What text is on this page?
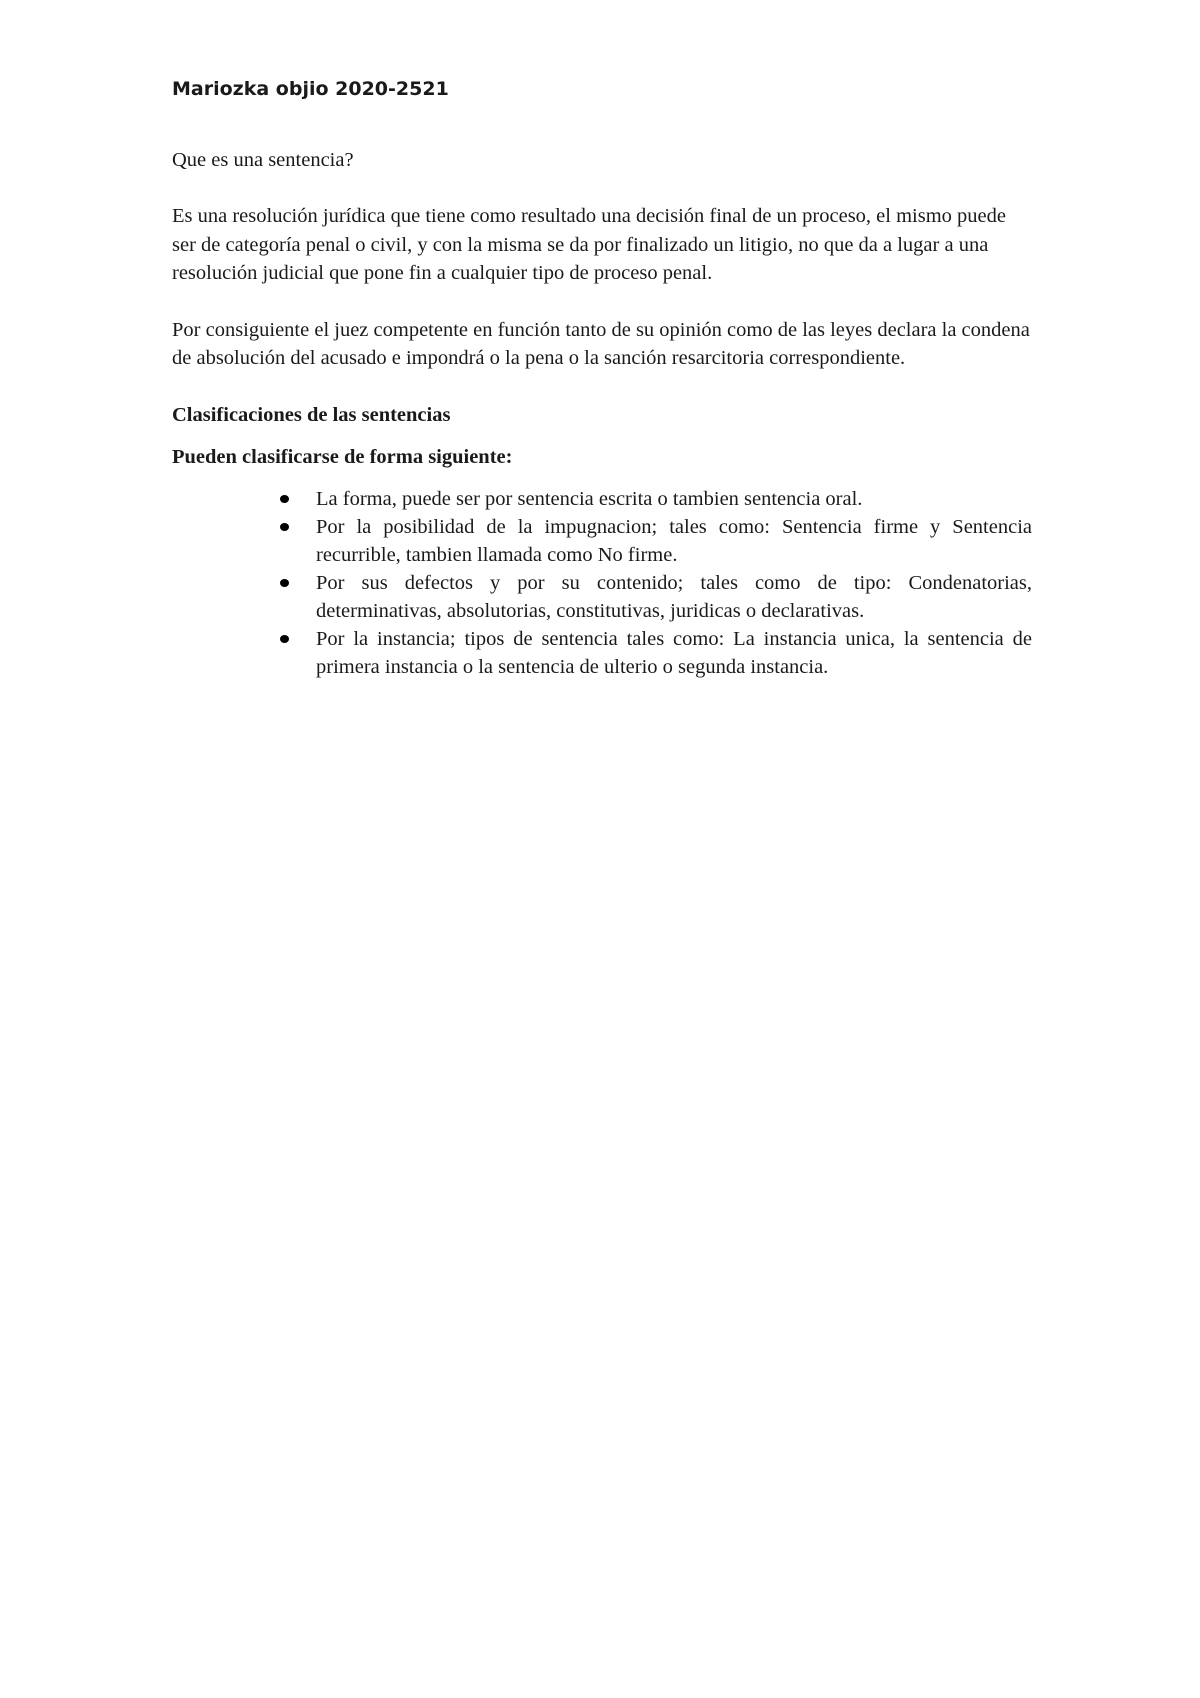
Mariozka objio 2020-2521

Que es una sentencia?

Es una resolución jurídica que tiene como resultado una decisión final de un proceso, el mismo puede ser de categoría penal o civil, y con la misma se da por finalizado un litigio, no que da a lugar a una resolución judicial que pone fin a cualquier tipo de proceso penal.

Por consiguiente el juez competente en función tanto de su opinión como de las leyes declara la condena de absolución del acusado e impondrá o la pena o la sanción resarcitoria correspondiente.

Clasificaciones de las sentencias

Pueden clasificarse de forma siguiente:

La forma, puede ser por sentencia escrita o tambien sentencia oral.
Por la posibilidad de la impugnacion; tales como: Sentencia firme y Sentencia recurrible, tambien llamada como No firme.
Por sus defectos y por su contenido; tales como de tipo: Condenatorias, determinativas, absolutorias, constitutivas, juridicas o declarativas.
Por la instancia; tipos de sentencia tales como: La instancia unica, la sentencia de primera instancia o la sentencia de ulterio o segunda instancia.
